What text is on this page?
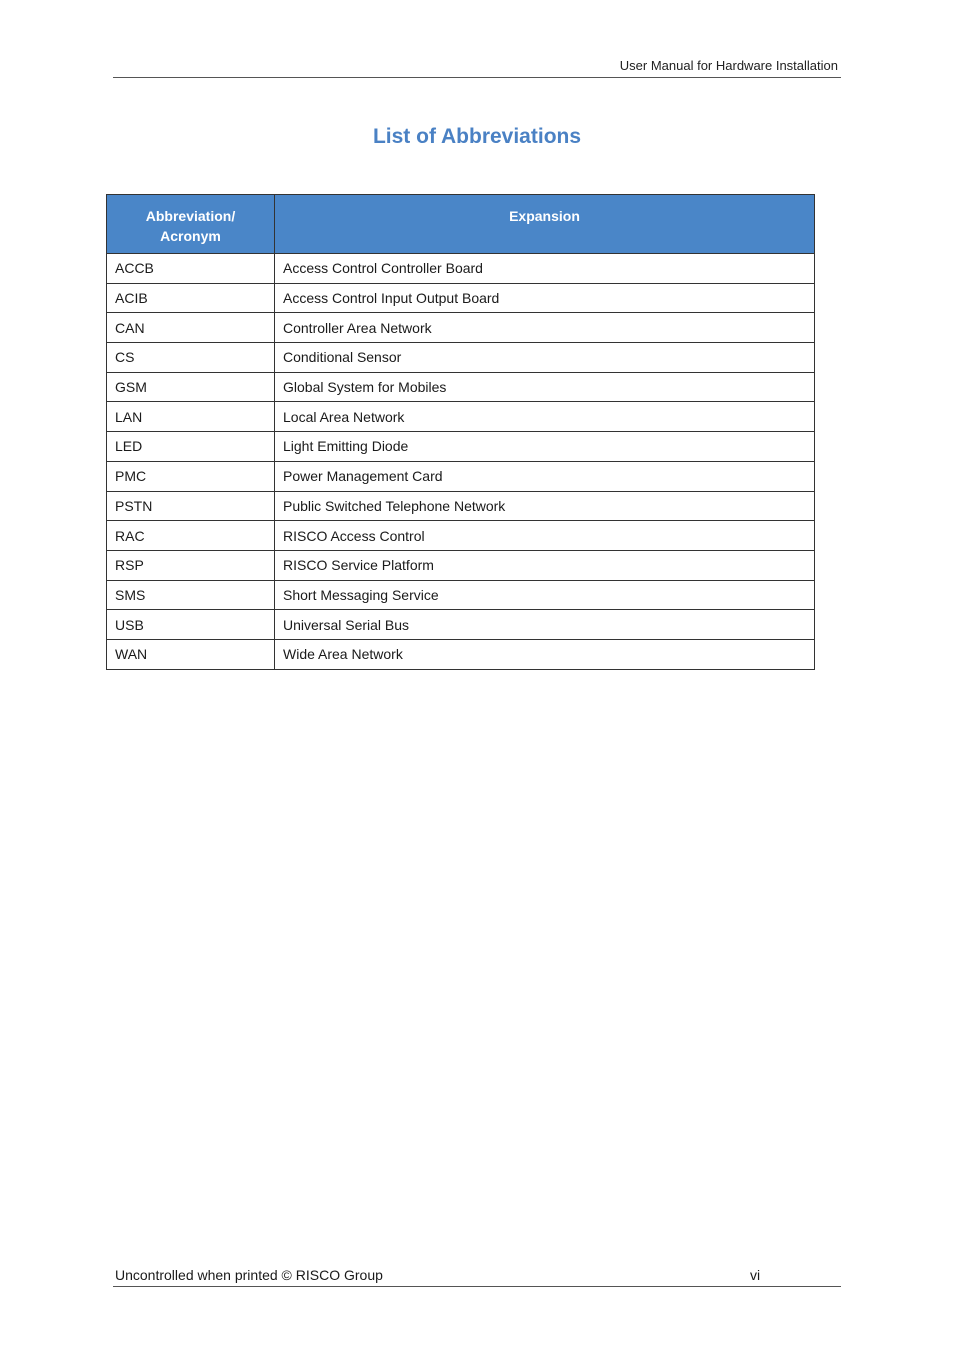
User Manual for Hardware Installation
List of Abbreviations
Abbreviation/ Acronym	Expansion
ACCB	Access Control Controller Board
ACIB	Access Control Input Output Board
CAN	Controller Area Network
CS	Conditional Sensor
GSM	Global System for Mobiles
LAN	Local Area Network
LED	Light Emitting Diode
PMC	Power Management Card
PSTN	Public Switched Telephone Network
RAC	RISCO Access Control
RSP	RISCO Service Platform
SMS	Short Messaging Service
USB	Universal Serial Bus
WAN	Wide Area Network
Uncontrolled when printed © RISCO Group	vi
